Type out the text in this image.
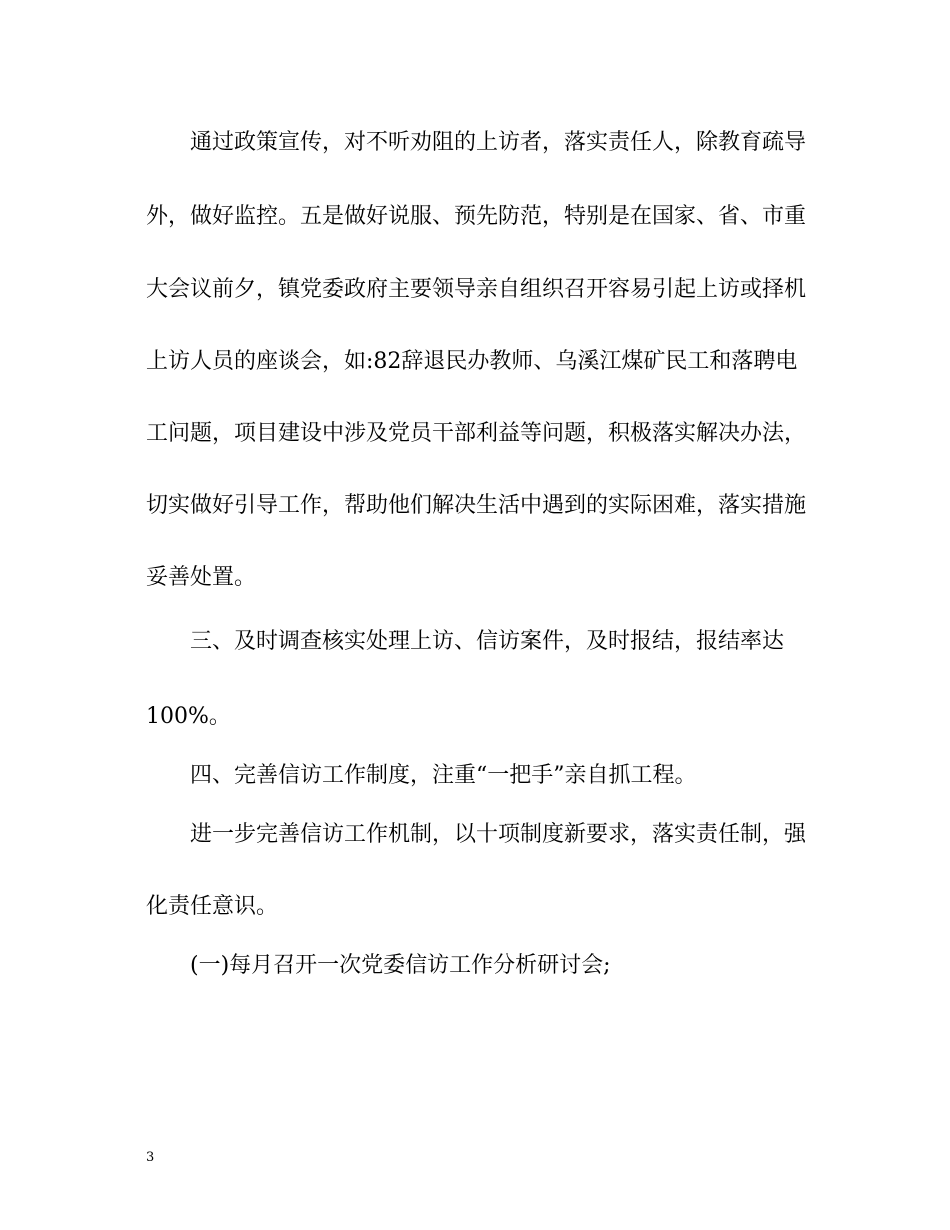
通过政策宣传，对不听劝阻的上访者，落实责任人，除教育疏导

外，做好监控。五是做好说服、预先防范，特别是在国家、省、市重

大会议前夕，镇党委政府主要领导亲自组织召开容易引起上访或择机

上访人员的座谈会，如:82辞退民办教师、乌溪江煤矿民工和落聘电

工问题，项目建设中涉及党员干部利益等问题，积极落实解决办法，

切实做好引导工作，帮助他们解决生活中遇到的实际困难，落实措施

妥善处置。

三、及时调查核实处理上访、信访案件，及时报结，报结率达

100%。

四、完善信访工作制度，注重“一把手”亲自抓工程。

进一步完善信访工作机制，以十项制度新要求，落实责任制，强

化责任意识。

(一)每月召开一次党委信访工作分析研讨会;

3
